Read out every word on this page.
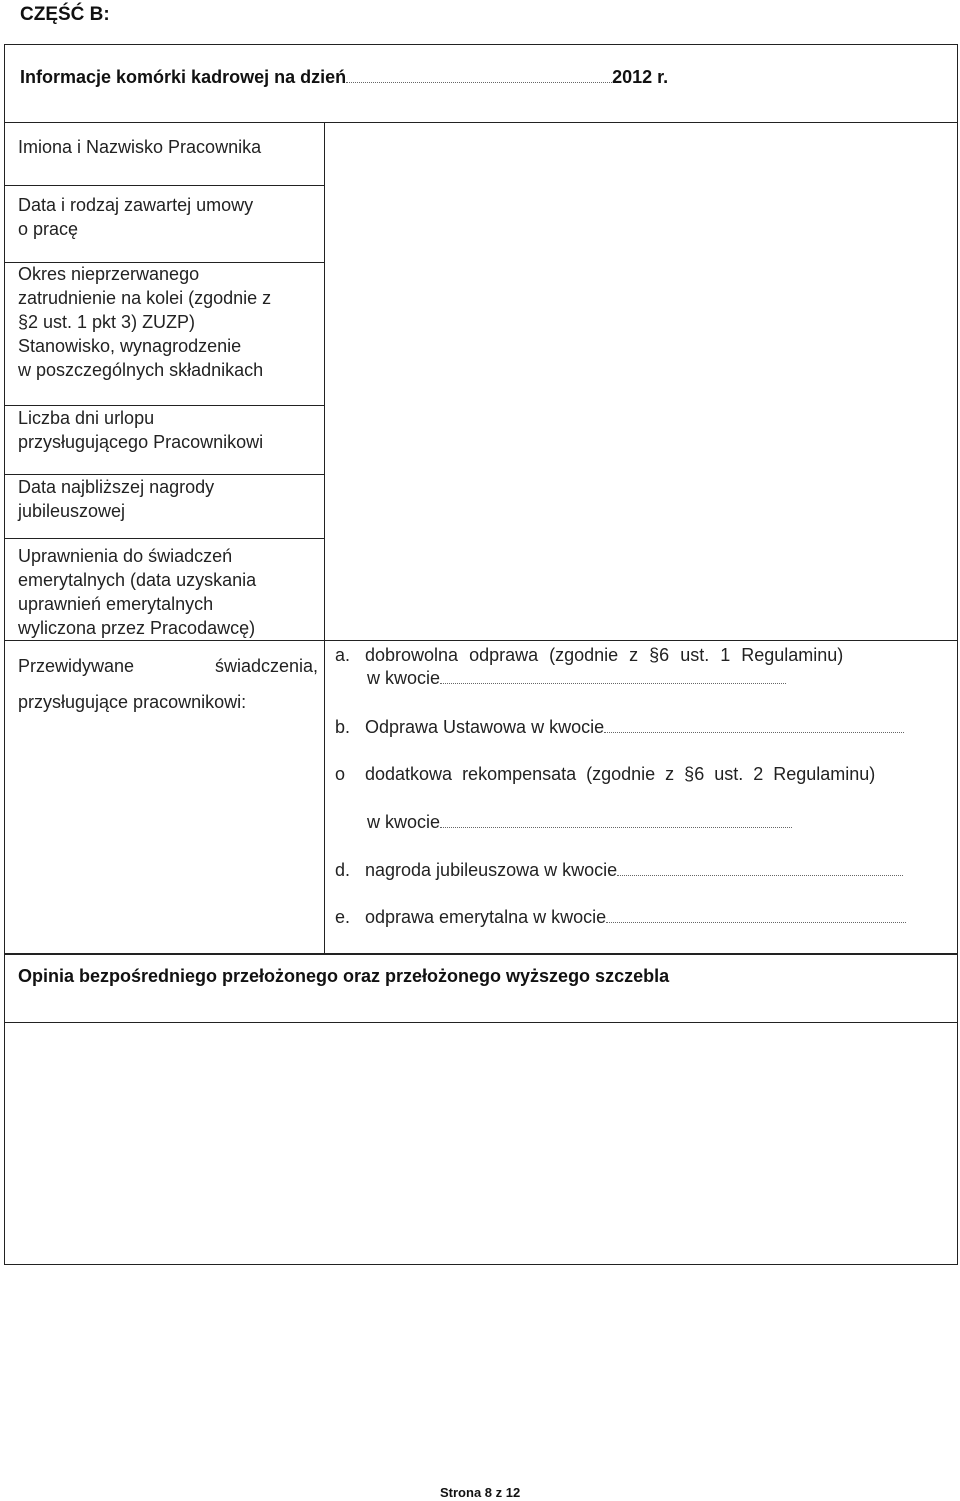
CZĘŚĆ B:
Informacje komórki kadrowej na dzień	2012 r.
Imiona i Nazwisko Pracownika
Data i rodzaj zawartej umowy
o pracę
Okres nieprzerwanego
zatrudnienie na kolei (zgodnie z
§2 ust. 1 pkt 3) ZUZP)
Stanowisko, wynagrodzenie
w poszczególnych składnikach
Liczba dni urlopu
przysługującego Pracownikowi
Data najbliższej nagrody
jubileuszowej
Uprawnienia do świadczeń
emerytalnych (data uzyskania
uprawnień emerytalnych
wyliczona przez Pracodawcę)
Przewidywane świadczenia,
przysługujące pracownikowi:
a. dobrowolna odprawa (zgodnie z §6 ust. 1 Regulaminu)
w kwocie
b. Odprawa Ustawowa w kwocie
o dodatkowa rekompensata (zgodnie z §6 ust. 2 Regulaminu)
w kwocie
d. nagroda jubileuszowa w kwocie
e. odprawa emerytalna w kwocie
Opinia bezpośredniego przełożonego oraz przełożonego wyższego szczebla
Strona 8 z 12
